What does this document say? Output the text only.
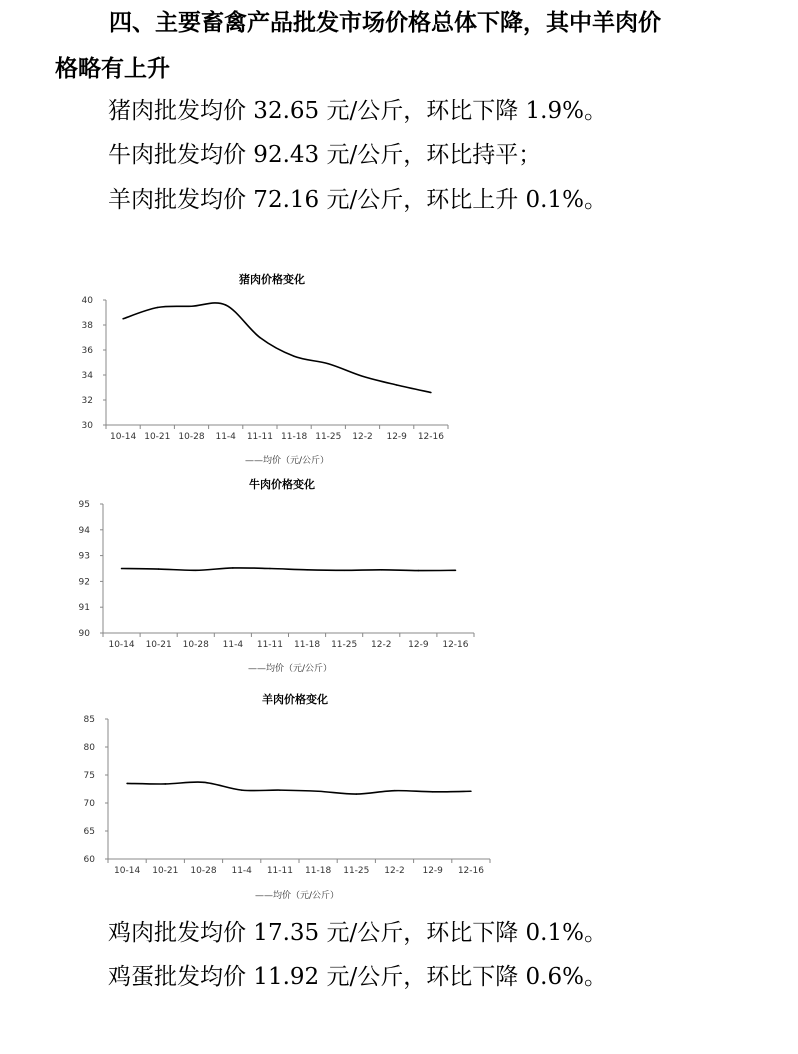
四、主要畜禽产品批发市场价格总体下降，其中羊肉价
格略有上升

猪肉批发均价 32.65 元/公斤，环比下降 1.9%。

牛肉批发均价 92.43 元/公斤，环比持平；

羊肉批发均价 72.16 元/公斤，环比上升 0.1%。

猪肉价格变化
30
32
34
36
38
40
10-14 10-21 10-28 11-4 11-11 11-18 11-25 12-2 12-9 12-16
——均价（元/公斤）
牛肉价格变化
90
91
92
93
94
95
10-14 10-21 10-28 11-4 11-11 11-18 11-25 12-2 12-9 12-16
——均价（元/公斤）
羊肉价格变化
60
65
70
75
80
85
10-14 10-21 10-28 11-4 11-11 11-18 11-25 12-2 12-9 12-16
——均价（元/公斤）

鸡肉批发均价 17.35 元/公斤，环比下降 0.1%。

鸡蛋批发均价 11.92 元/公斤，环比下降 0.6%。
